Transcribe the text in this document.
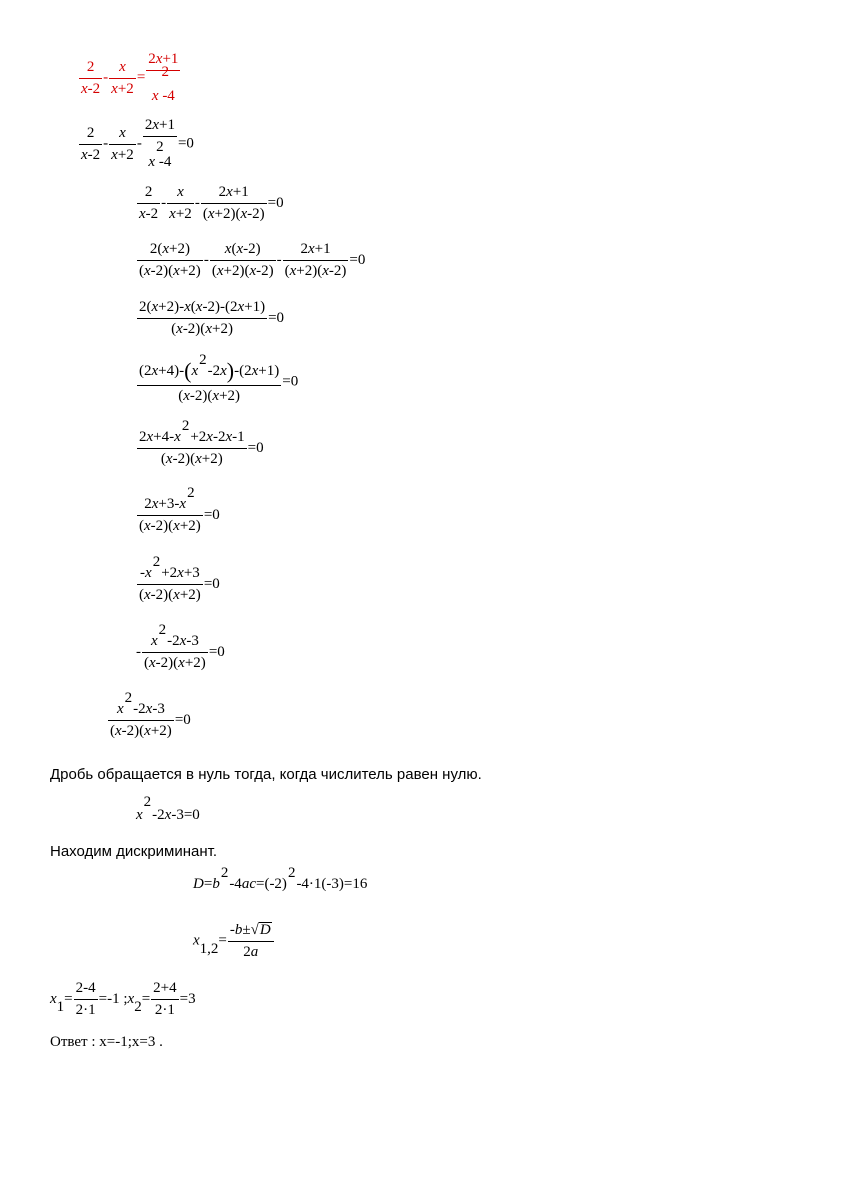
$\frac{2}{x-2} - \frac{x}{x+2}$ =
2x+1
2
x -4
$\frac{2}{x-2} - \frac{x}{x+2}$ -
2x+1
2
x -4
=0
$\frac{2}{x-2} - \frac{x}{x+2} - \frac{2x+1}{(x+2)(x-2)} =0$
$\frac{2(x+2)}{(x-2)(x+2)} - \frac{x(x-2)}{(x+2)(x-2)} - \frac{2x+1}{(x+2)(x-2)} =0$
$\frac{2(x+2)-x(x-2)-(2x+1)}{(x-2)(x+2)} =0$
$\frac{(2x+4)-(x2-2x)-(2x+1)}{(x-2)(x+2)} =0$
$\frac{2x+4-x2+2x-2x-1}{(x-2)(x+2)} =0$
$\frac{2x+3-x2}{(x-2)(x+2)} =0$
$\frac{-x2+2x+3}{(x-2)(x+2)} =0$
- $\frac{x2-2x-3}{(x-2)(x+2)} =0$
$\frac{x2-2x-3}{(x-2)(x+2)} =0$
Дробь обращается в нуль тогда, когда числитель равен нулю.
x2-2x-3=0
Находим дискриминант.
D=b2-4ac=(-2)2-4·1(-3)=16
$x1,2= \frac{-b\pm√D}{2a}$
$x1= \frac{2-4}{2\cdot 1} =-1$ ;x2= $\frac{2+4}{2\cdot 1} =3$
Ответ : x=-1;x=3 .
